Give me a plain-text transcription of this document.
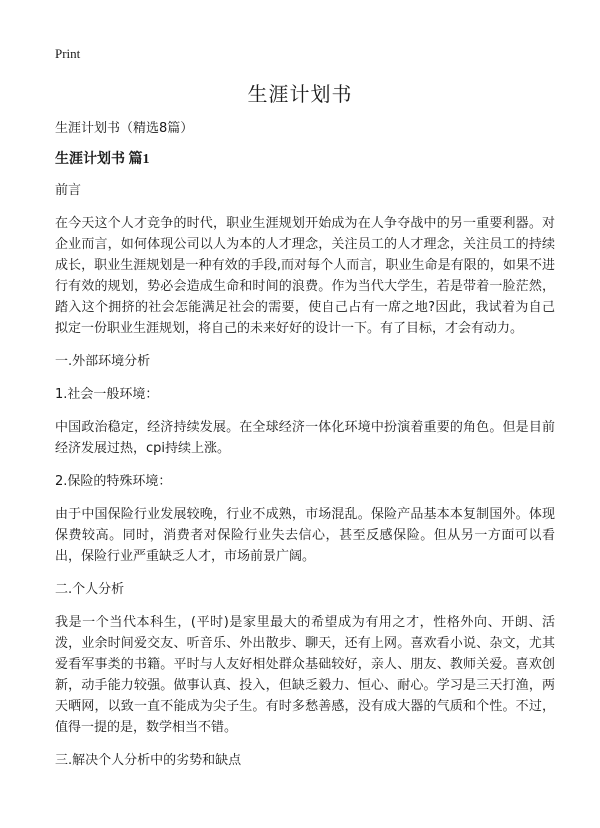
Print
生涯计划书

生涯计划书（精选8篇）

生涯计划书 篇1

前言

在今天这个人才竞争的时代，职业生涯规划开始成为在人争夺战中的另一重要利器。对企业而言，如何体现公司以人为本的人才理念，关注员工的人才理念，关注员工的持续成长，职业生涯规划是一种有效的手段,而对每个人而言，职业生命是有限的，如果不进行有效的规划，势必会造成生命和时间的浪费。作为当代大学生，若是带着一脸茫然，踏入这个拥挤的社会怎能满足社会的需要，使自己占有一席之地?因此，我试着为自己拟定一份职业生涯规划，将自己的未来好好的设计一下。有了目标，才会有动力。

一.外部环境分析

1.社会一般环境：

中国政治稳定，经济持续发展。在全球经济一体化环境中扮演着重要的角色。但是目前经济发展过热，cpi持续上涨。

2.保险的特殊环境：

由于中国保险行业发展较晚，行业不成熟，市场混乱。保险产品基本本复制国外。体现保费较高。同时，消费者对保险行业失去信心，甚至反感保险。但从另一方面可以看出，保险行业严重缺乏人才，市场前景广阔。

二.个人分析

我是一个当代本科生，(平时)是家里最大的希望成为有用之才，性格外向、开朗、活泼，业余时间爱交友、听音乐、外出散步、聊天，还有上网。喜欢看小说、杂文，尤其爱看军事类的书籍。平时与人友好相处群众基础较好，亲人、朋友、教师关爱。喜欢创新，动手能力较强。做事认真、投入，但缺乏毅力、恒心、耐心。学习是三天打渔，两天晒网，以致一直不能成为尖子生。有时多愁善感，没有成大器的气质和个性。不过，值得一提的是，数学相当不错。

三.解决个人分析中的劣势和缺点
